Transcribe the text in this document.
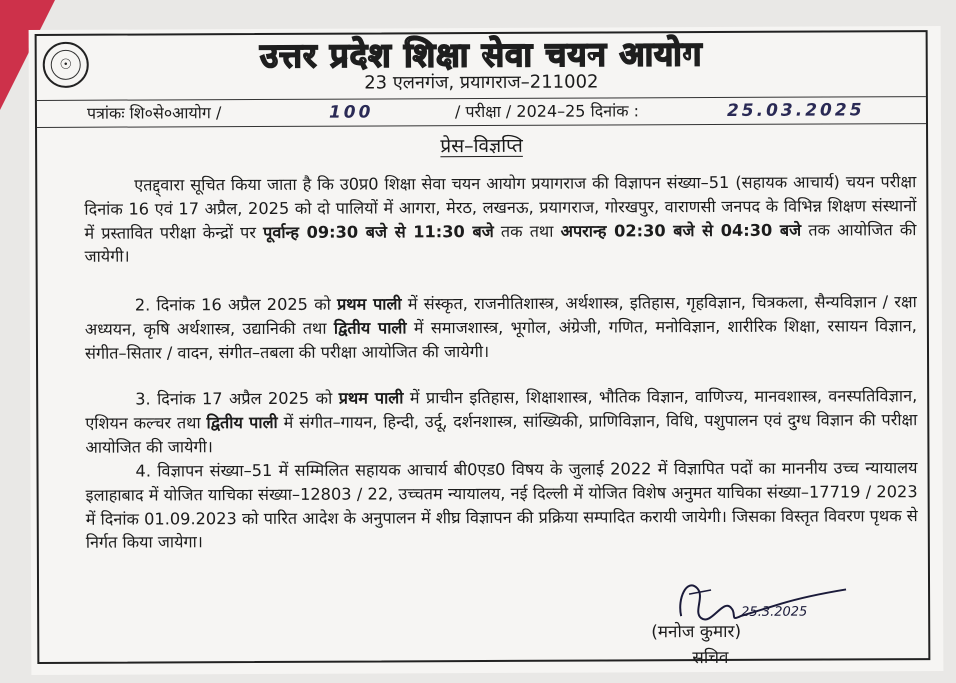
☉	उत्तर प्रदेश शिक्षा सेवा चयन आयोग
23 एलनगंज, प्रयागराज–211002
पत्रांकः शि०से०आयोग /	100	/ परीक्षा / 2024–25 दिनांक :	25.03.2025
प्रेस–विज्ञप्ति

एतद्द्वारा सूचित किया जाता है कि उ0प्र0 शिक्षा सेवा चयन आयोग प्रयागराज की विज्ञापन संख्या–51 (सहायक आचार्य) चयन परीक्षा दिनांक 16 एवं 17 अप्रैल, 2025 को दो पालियों में आगरा, मेरठ, लखनऊ, प्रयागराज, गोरखपुर, वाराणसी जनपद के विभिन्न शिक्षण संस्थानों में प्रस्तावित परीक्षा केन्द्रों पर पूर्वान्ह 09:30 बजे से 11:30 बजे तक तथा अपरान्ह 02:30 बजे से 04:30 बजे तक आयोजित की जायेगी।

2. दिनांक 16 अप्रैल 2025 को प्रथम पाली में संस्कृत, राजनीतिशास्त्र, अर्थशास्त्र, इतिहास, गृहविज्ञान, चित्रकला, सैन्यविज्ञान / रक्षा अध्ययन, कृषि अर्थशास्त्र, उद्यानिकी तथा द्वितीय पाली में समाजशास्त्र, भूगोल, अंग्रेजी, गणित, मनोविज्ञान, शारीरिक शिक्षा, रसायन विज्ञान, संगीत–सितार / वादन, संगीत–तबला की परीक्षा आयोजित की जायेगी।

3. दिनांक 17 अप्रैल 2025 को प्रथम पाली में प्राचीन इतिहास, शिक्षाशास्त्र, भौतिक विज्ञान, वाणिज्य, मानवशास्त्र, वनस्पतिविज्ञान, एशियन कल्चर तथा द्वितीय पाली में संगीत–गायन, हिन्दी, उर्दू, दर्शनशास्त्र, सांख्यिकी, प्राणिविज्ञान, विधि, पशुपालन एवं दुग्ध विज्ञान की परीक्षा आयोजित की जायेगी।

4. विज्ञापन संख्या–51 में सम्मिलित सहायक आचार्य बी0एड0 विषय के जुलाई 2022 में विज्ञापित पदों का माननीय उच्च न्यायालय इलाहाबाद में योजित याचिका संख्या–12803 / 22, उच्चतम न्यायालय, नई दिल्ली में योजित विशेष अनुमत याचिका संख्या–17719 / 2023 में दिनांक 01.09.2023 को पारित आदेश के अनुपालन में शीघ्र विज्ञापन की प्रक्रिया सम्पादित करायी जायेगी। जिसका विस्तृत विवरण पृथक से निर्गत किया जायेगा।

25.3.2025
(मनोज कुमार)
सचिव
